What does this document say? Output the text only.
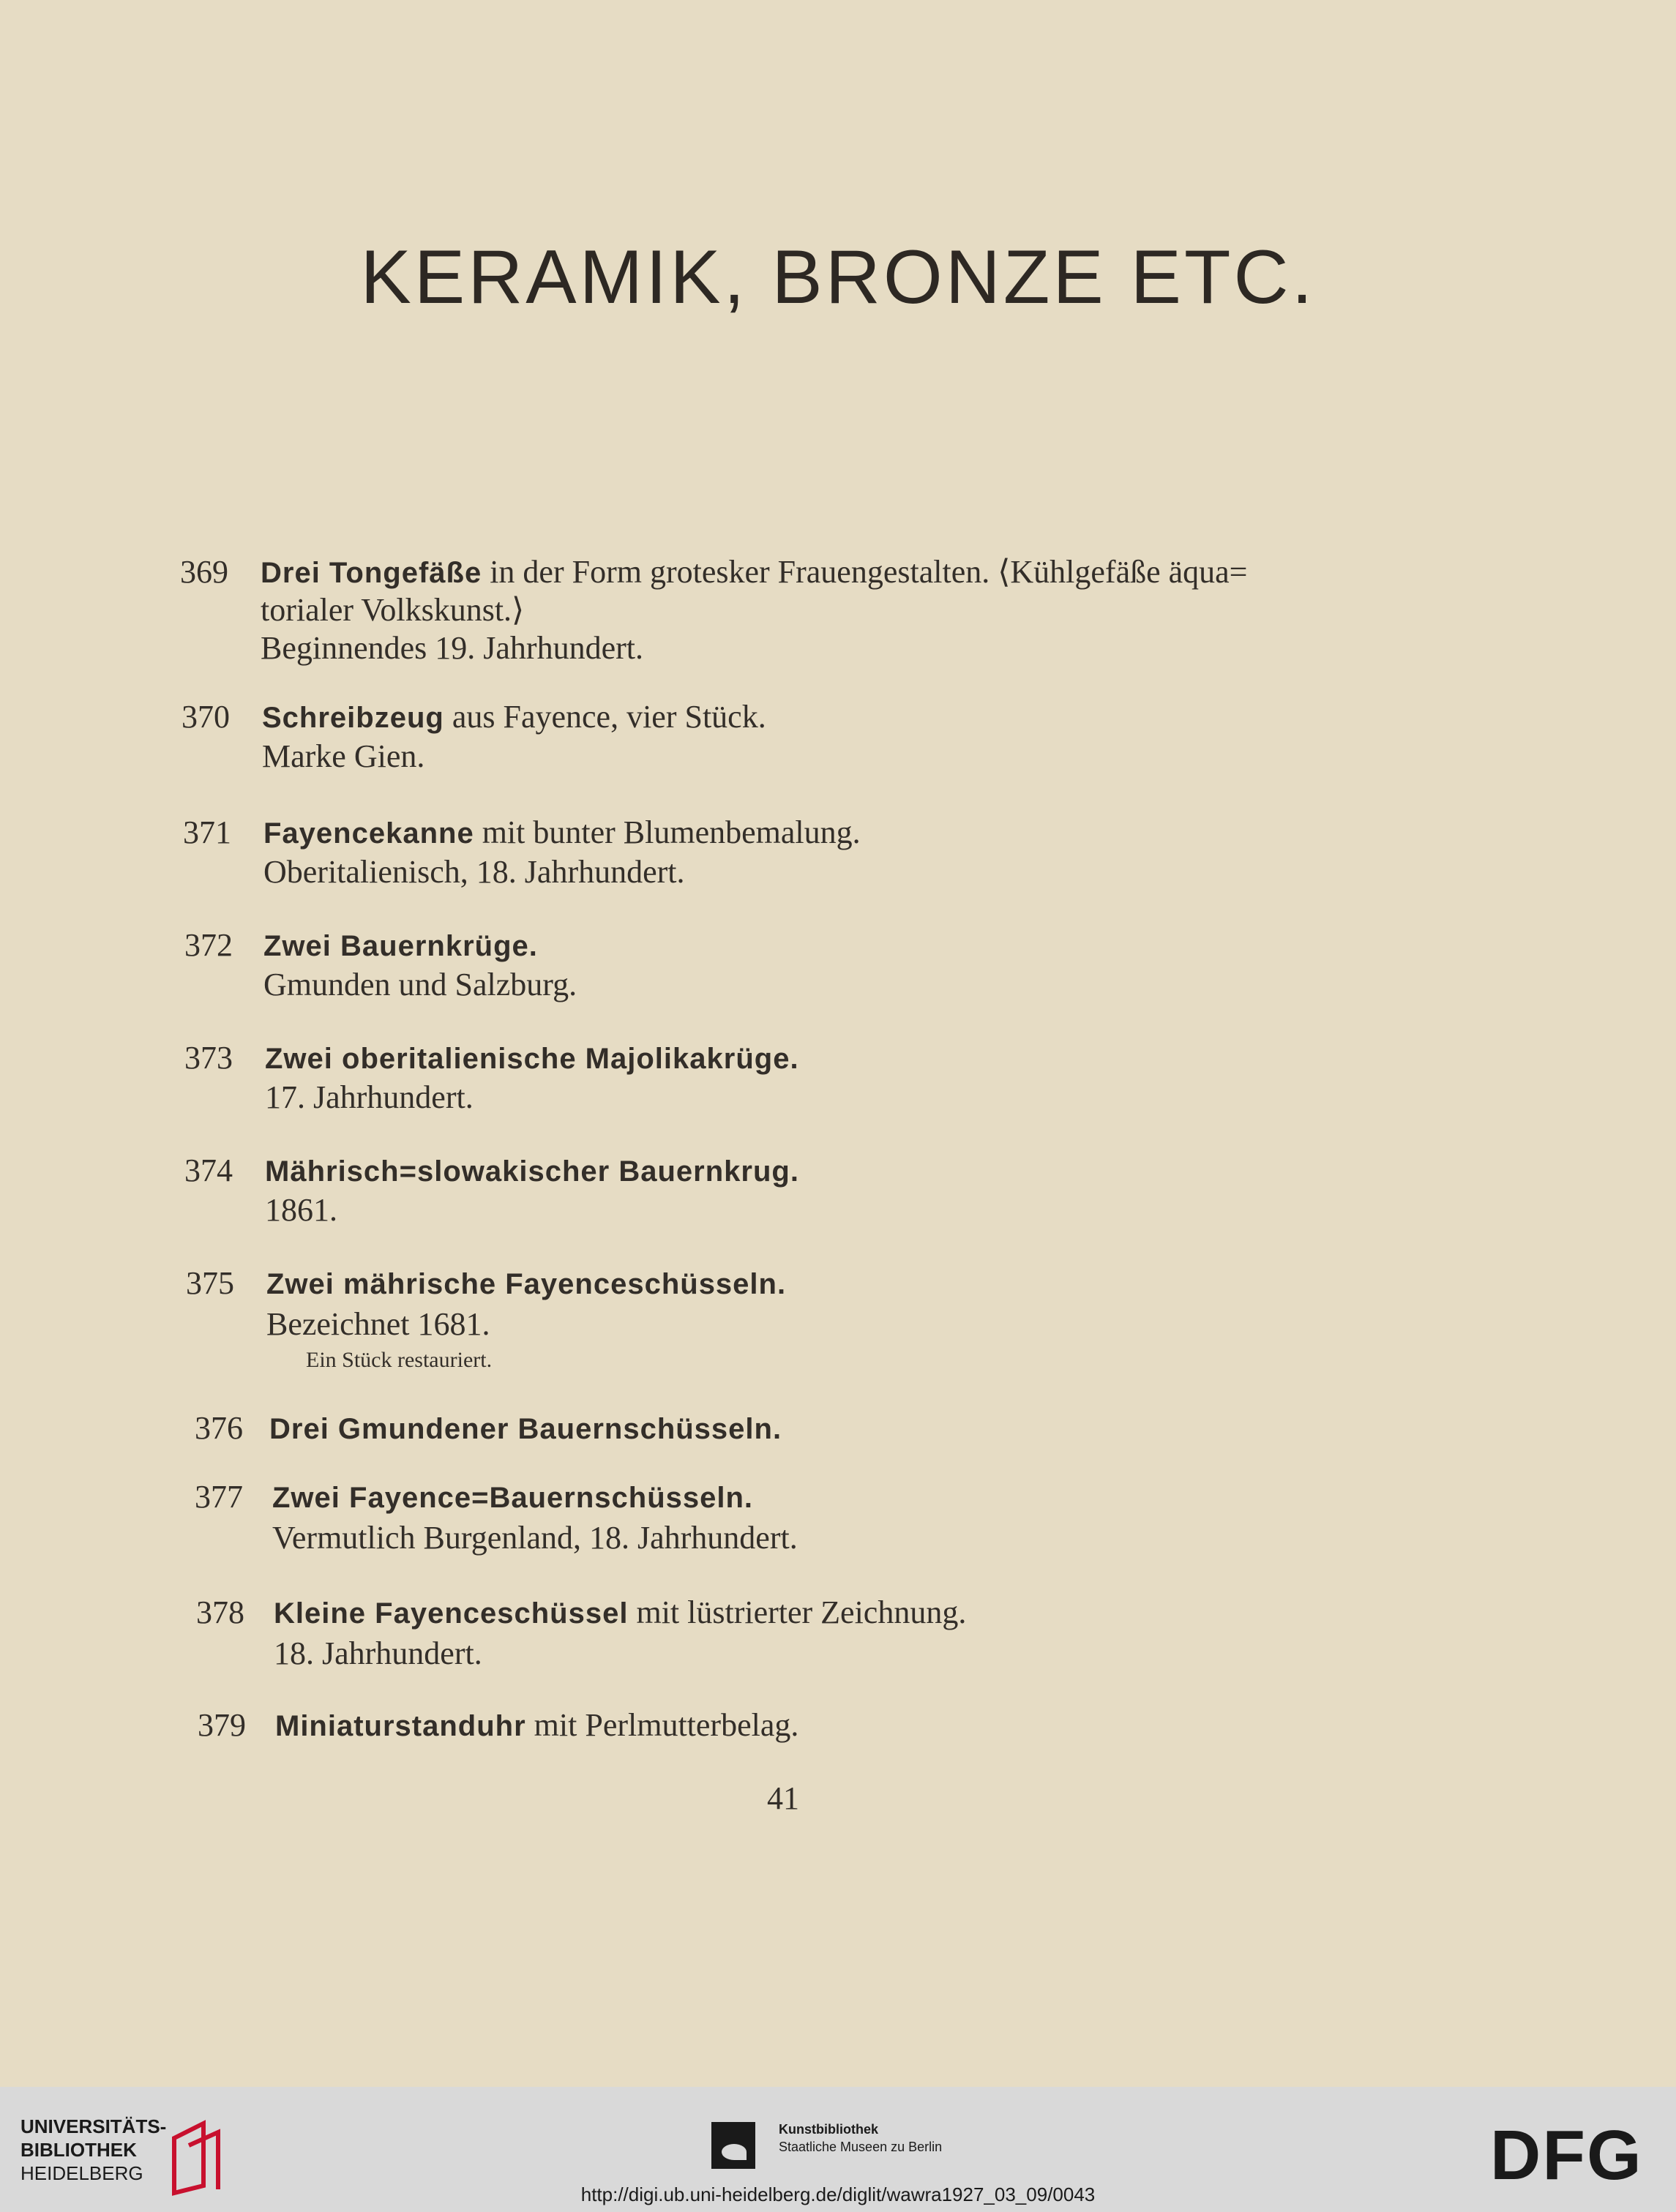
KERAMIK, BRONZE ETC.
369 Drei Tongefäße in der Form grotesker Frauengestalten. ⟨Kühlgefäße äqua=
torialer Volkskunst.⟩
Beginnendes 19. Jahrhundert.
370 Schreibzeug aus Fayence, vier Stück.
Marke Gien.
371 Fayencekanne mit bunter Blumenbemalung.
Oberitalienisch, 18. Jahrhundert.
372 Zwei Bauernkrüge.
Gmunden und Salzburg.
373 Zwei oberitalienische Majolikakrüge.
17. Jahrhundert.
374 Mährisch=slowakischer Bauernkrug.
1861.
375 Zwei mährische Fayenceschüsseln.
Bezeichnet 1681.
Ein Stück restauriert.
376 Drei Gmundener Bauernschüsseln.
377 Zwei Fayence=Bauernschüsseln.
Vermutlich Burgenland, 18. Jahrhundert.
378 Kleine Fayenceschüssel mit lüstrierter Zeichnung.
18. Jahrhundert.
379 Miniaturstanduhr mit Perlmutterbelag.
41
UNIVERSITÄTS-
BIBLIOTHEK
HEIDELBERG
Kunstbibliothek
Staatliche Museen zu Berlin	DFG
http://digi.ub.uni-heidelberg.de/diglit/wawra1927_03_09/0043
